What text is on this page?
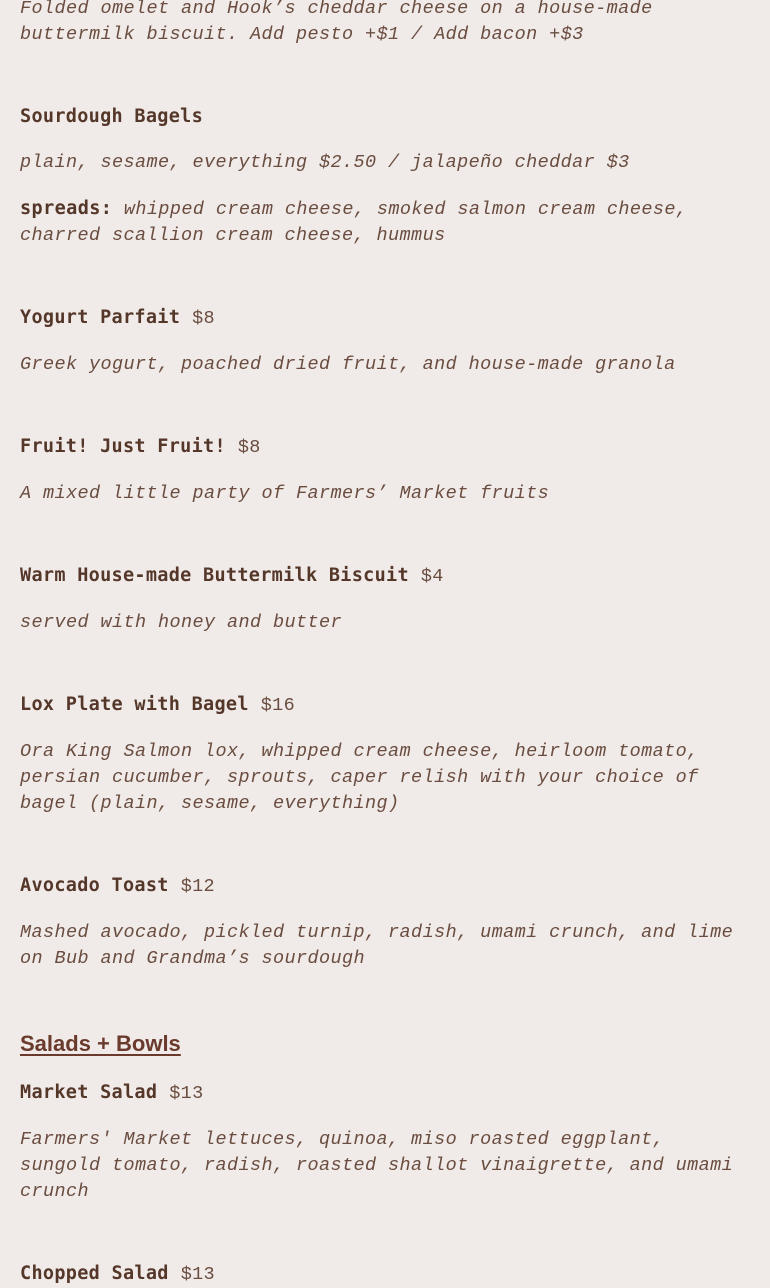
Folded omelet and Hook’s cheddar cheese on a house-made buttermilk biscuit. Add pesto +$1 / Add bacon +$3

Sourdough Bagels

plain, sesame, everything $2.50 / jalapeño cheddar $3

spreads: whipped cream cheese, smoked salmon cream cheese, charred scallion cream cheese, hummus

Yogurt Parfait $8

Greek yogurt, poached dried fruit, and house-made granola

Fruit! Just Fruit! $8

A mixed little party of Farmers’ Market fruits

Warm House-made Buttermilk Biscuit $4

served with honey and butter

Lox Plate with Bagel $16

Ora King Salmon lox, whipped cream cheese, heirloom tomato, persian cucumber, sprouts, caper relish with your choice of bagel (plain, sesame, everything)

Avocado Toast $12

Mashed avocado, pickled turnip, radish, umami crunch, and lime on Bub and Grandma’s sourdough

Salads + Bowls

Market Salad $13

Farmers' Market lettuces, quinoa, miso roasted eggplant, sungold tomato, radish, roasted shallot vinaigrette, and umami crunch

Chopped Salad $13
